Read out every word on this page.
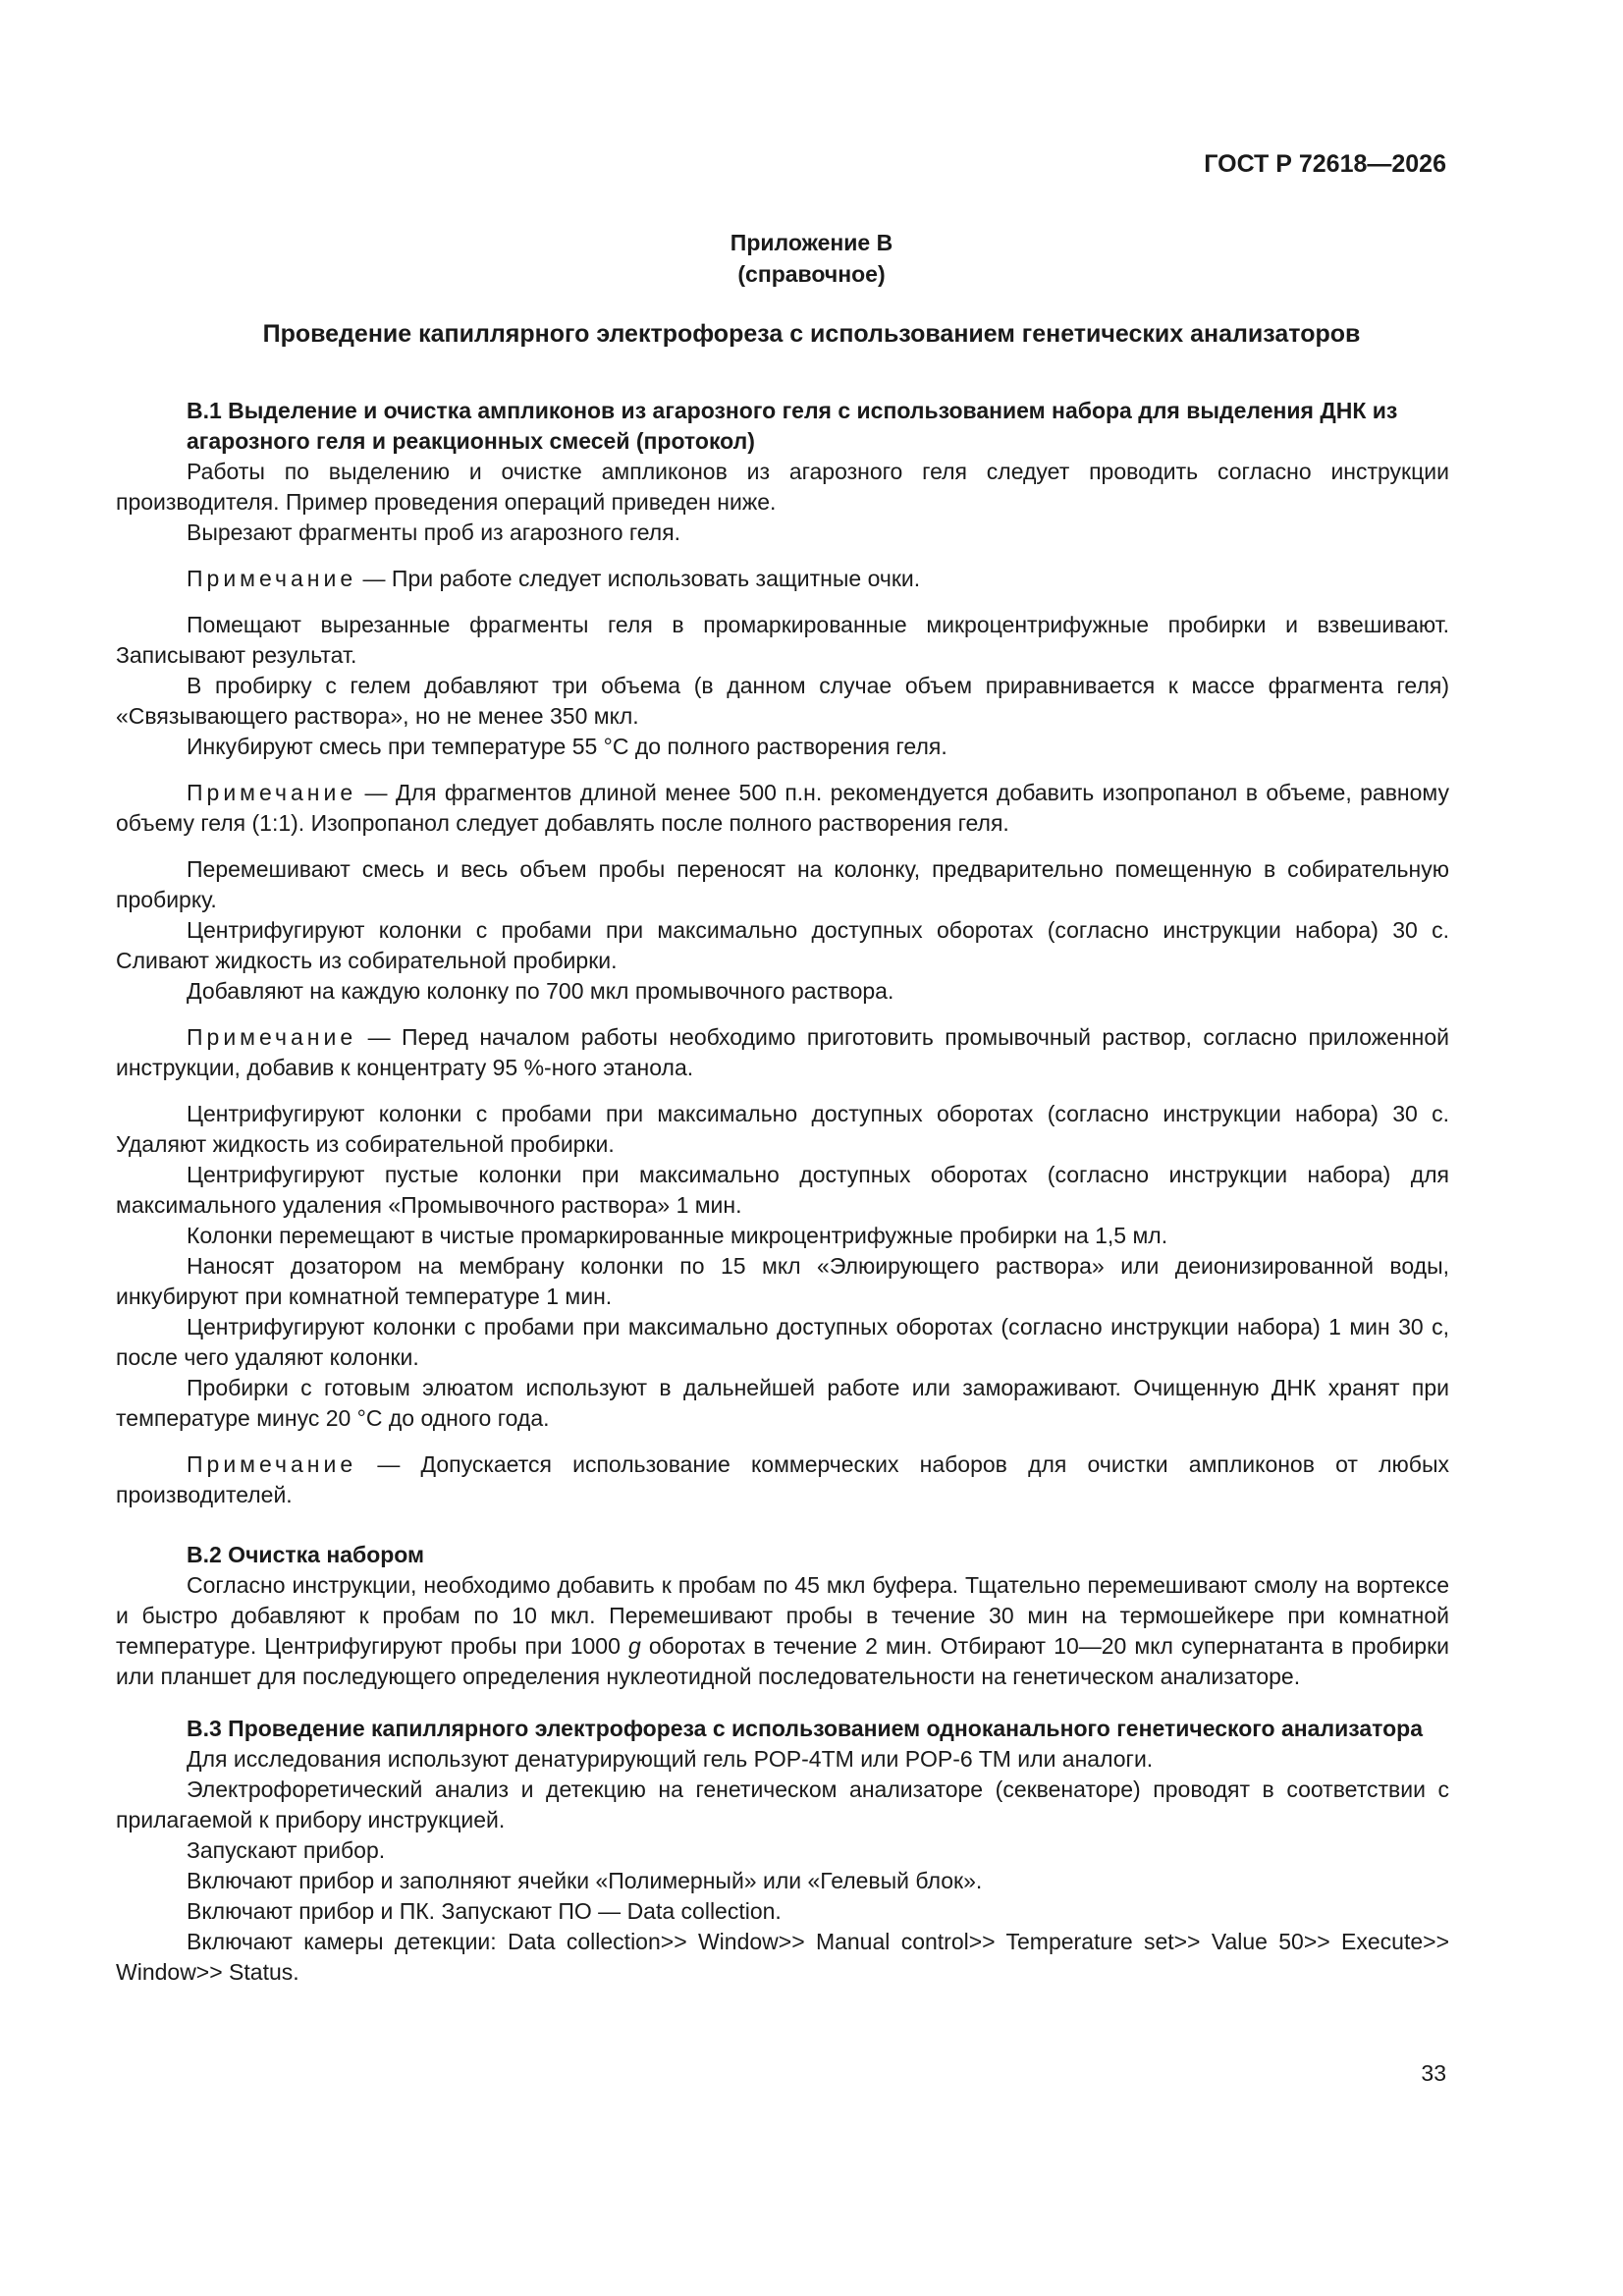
ГОСТ Р 72618—2026

Приложение В
(справочное)

Проведение капиллярного электрофореза с использованием генетических анализаторов

В.1 Выделение и очистка ампликонов из агарозного геля с использованием набора для выделения ДНК из агарозного геля и реакционных смесей (протокол)

Работы по выделению и очистке ампликонов из агарозного геля следует проводить согласно инструкции производителя. Пример проведения операций приведен ниже.

Вырезают фрагменты проб из агарозного геля.

Примечание — При работе следует использовать защитные очки.

Помещают вырезанные фрагменты геля в промаркированные микроцентрифужные пробирки и взвешивают. Записывают результат.

В пробирку с гелем добавляют три объема (в данном случае объем приравнивается к массе фрагмента геля) «Связывающего раствора», но не менее 350 мкл.

Инкубируют смесь при температуре 55 °С до полного растворения геля.

Примечание — Для фрагментов длиной менее 500 п.н. рекомендуется добавить изопропанол в объеме, равному объему геля (1:1). Изопропанол следует добавлять после полного растворения геля.

Перемешивают смесь и весь объем пробы переносят на колонку, предварительно помещенную в собирательную пробирку.

Центрифугируют колонки с пробами при максимально доступных оборотах (согласно инструкции набора) 30 с. Сливают жидкость из собирательной пробирки.

Добавляют на каждую колонку по 700 мкл промывочного раствора.

Примечание — Перед началом работы необходимо приготовить промывочный раствор, согласно приложенной инструкции, добавив к концентрату 95 %-ного этанола.

Центрифугируют колонки с пробами при максимально доступных оборотах (согласно инструкции набора) 30 с. Удаляют жидкость из собирательной пробирки.

Центрифугируют пустые колонки при максимально доступных оборотах (согласно инструкции набора) для максимального удаления «Промывочного раствора» 1 мин.

Колонки перемещают в чистые промаркированные микроцентрифужные пробирки на 1,5 мл.

Наносят дозатором на мембрану колонки по 15 мкл «Элюирующего раствора» или деионизированной воды, инкубируют при комнатной температуре 1 мин.

Центрифугируют колонки с пробами при максимально доступных оборотах (согласно инструкции набора) 1 мин 30 с, после чего удаляют колонки.

Пробирки с готовым элюатом используют в дальнейшей работе или замораживают. Очищенную ДНК хранят при температуре минус 20 °С до одного года.

Примечание — Допускается использование коммерческих наборов для очистки ампликонов от любых производителей.

В.2 Очистка набором

Согласно инструкции, необходимо добавить к пробам по 45 мкл буфера. Тщательно перемешивают смолу на вортексе и быстро добавляют к пробам по 10 мкл. Перемешивают пробы в течение 30 мин на термошейкере при комнатной температуре. Центрифугируют пробы при 1000 g оборотах в течение 2 мин. Отбирают 10—20 мкл супернатанта в пробирки или планшет для последующего определения нуклеотидной последовательности на генетическом анализаторе.

В.3 Проведение капиллярного электрофореза с использованием одноканального генетического анализатора

Для исследования используют денатурирующий гель POP-4TM или POP-6 TM или аналоги.

Электрофоретический анализ и детекцию на генетическом анализаторе (секвенаторе) проводят в соответствии с прилагаемой к прибору инструкцией.

Запускают прибор.

Включают прибор и заполняют ячейки «Полимерный» или «Гелевый блок».

Включают прибор и ПК. Запускают ПО — Data collection.

Включают камеры детекции: Data collection>> Window>> Manual control>> Temperature set>> Value 50>> Execute>> Window>> Status.

33
